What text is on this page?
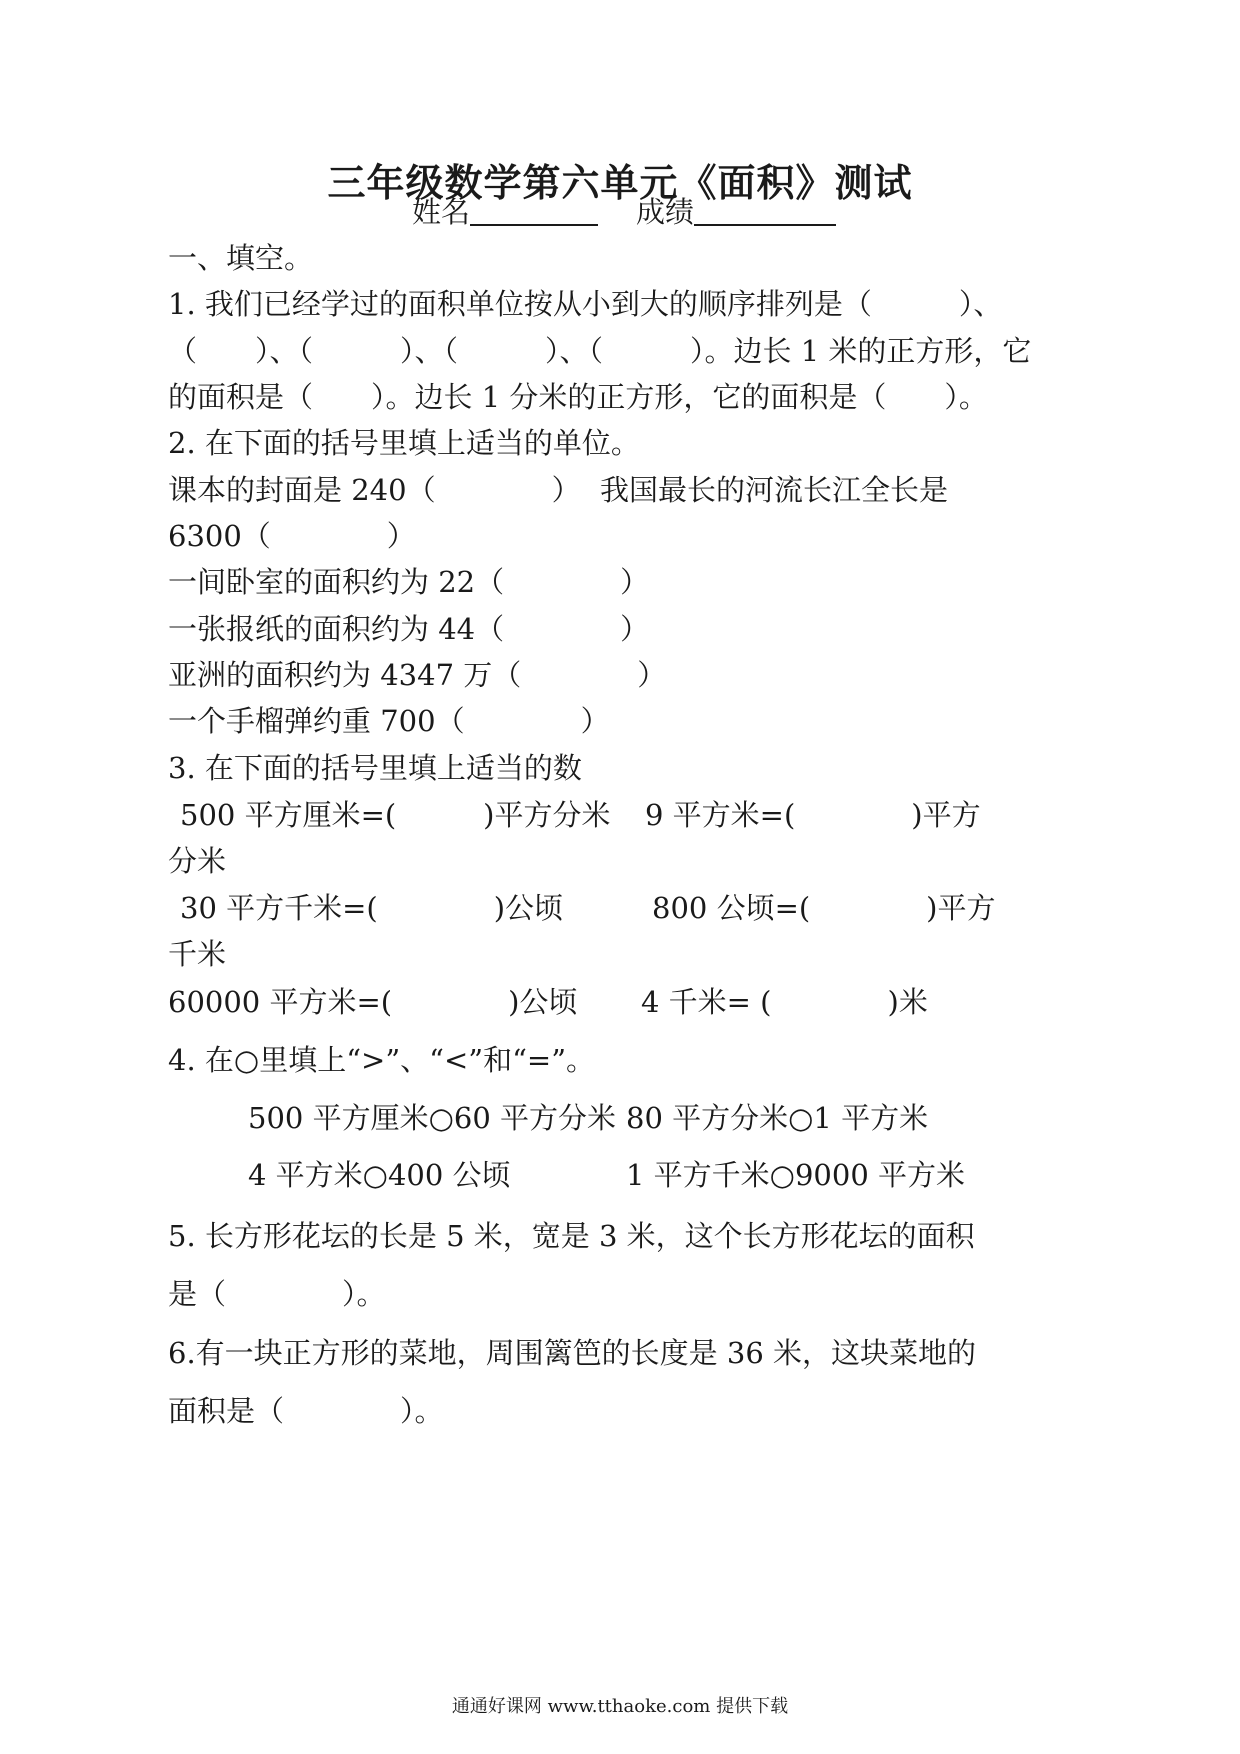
三年级数学第六单元《面积》测试
姓名	成绩
一、填空。
1. 我们已经学过的面积单位按从小到大的顺序排列是（　　　）、
（　　）、（　　　）、（　　　）、（　　　）。边长 1 米的正方形，它
的面积是（　　）。边长 1 分米的正方形，它的面积是（　　）。
2. 在下面的括号里填上适当的单位。
课本的封面是 240（　　　　） 我国最长的河流长江全长是
6300（　　　　）
一间卧室的面积约为 22（　　　　）
一张报纸的面积约为 44（　　　　）
亚洲的面积约为 4347 万（　　　　）
一个手榴弹约重 700（　　　　）
3. 在下面的括号里填上适当的数
500 平方厘米=(　　　)平方分米 9 平方米=(　　　　)平方
分米
30 平方千米=(　　　　)公顷	800 公顷=(　　　　)平方
千米
60000 平方米=(　　　　)公顷 4 千米= (　　　　)米
4. 在○里填上“>”、“<”和“=”。
500 平方厘米○60 平方分米 80 平方分米○1 平方米
4 平方米○400 公顷	1 平方千米○9000 平方米
5. 长方形花坛的长是 5 米，宽是 3 米，这个长方形花坛的面积
是（　　　　）。
6.有一块正方形的菜地，周围篱笆的长度是 36 米，这块菜地的
面积是（　　　　）。
通通好课网 www.tthaoke.com 提供下载
